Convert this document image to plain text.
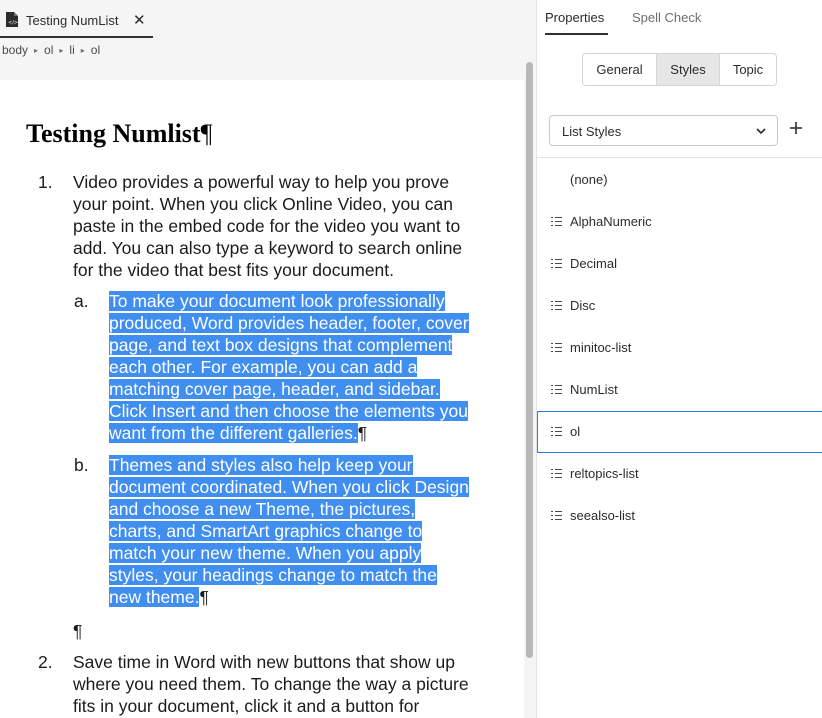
</> Testing NumList ✕
body ▸ ol ▸ li ▸ ol
Testing Numlist¶
1. Video provides a powerful way to help you prove
your point. When you click Online Video, you can
paste in the embed code for the video you want to
add. You can also type a keyword to search online
for the video that best fits your document.
a. To make your document look professionally
produced, Word provides header, footer, cover
page, and text box designs that complement
each other. For example, you can add a
matching cover page, header, and sidebar.
Click Insert and then choose the elements you
want from the different galleries.¶
b. Themes and styles also help keep your
document coordinated. When you click Design
and choose a new Theme, the pictures,
charts, and SmartArt graphics change to
match your new theme. When you apply
styles, your headings change to match the
new theme.¶
¶
2. Save time in Word with new buttons that show up
where you need them. To change the way a picture
fits in your document, click it and a button for
Properties Spell Check
General	Styles	Topic
List Styles
(none)
AlphaNumeric
Decimal
Disc
minitoc-list
NumList
ol
reltopics-list
seealso-list
